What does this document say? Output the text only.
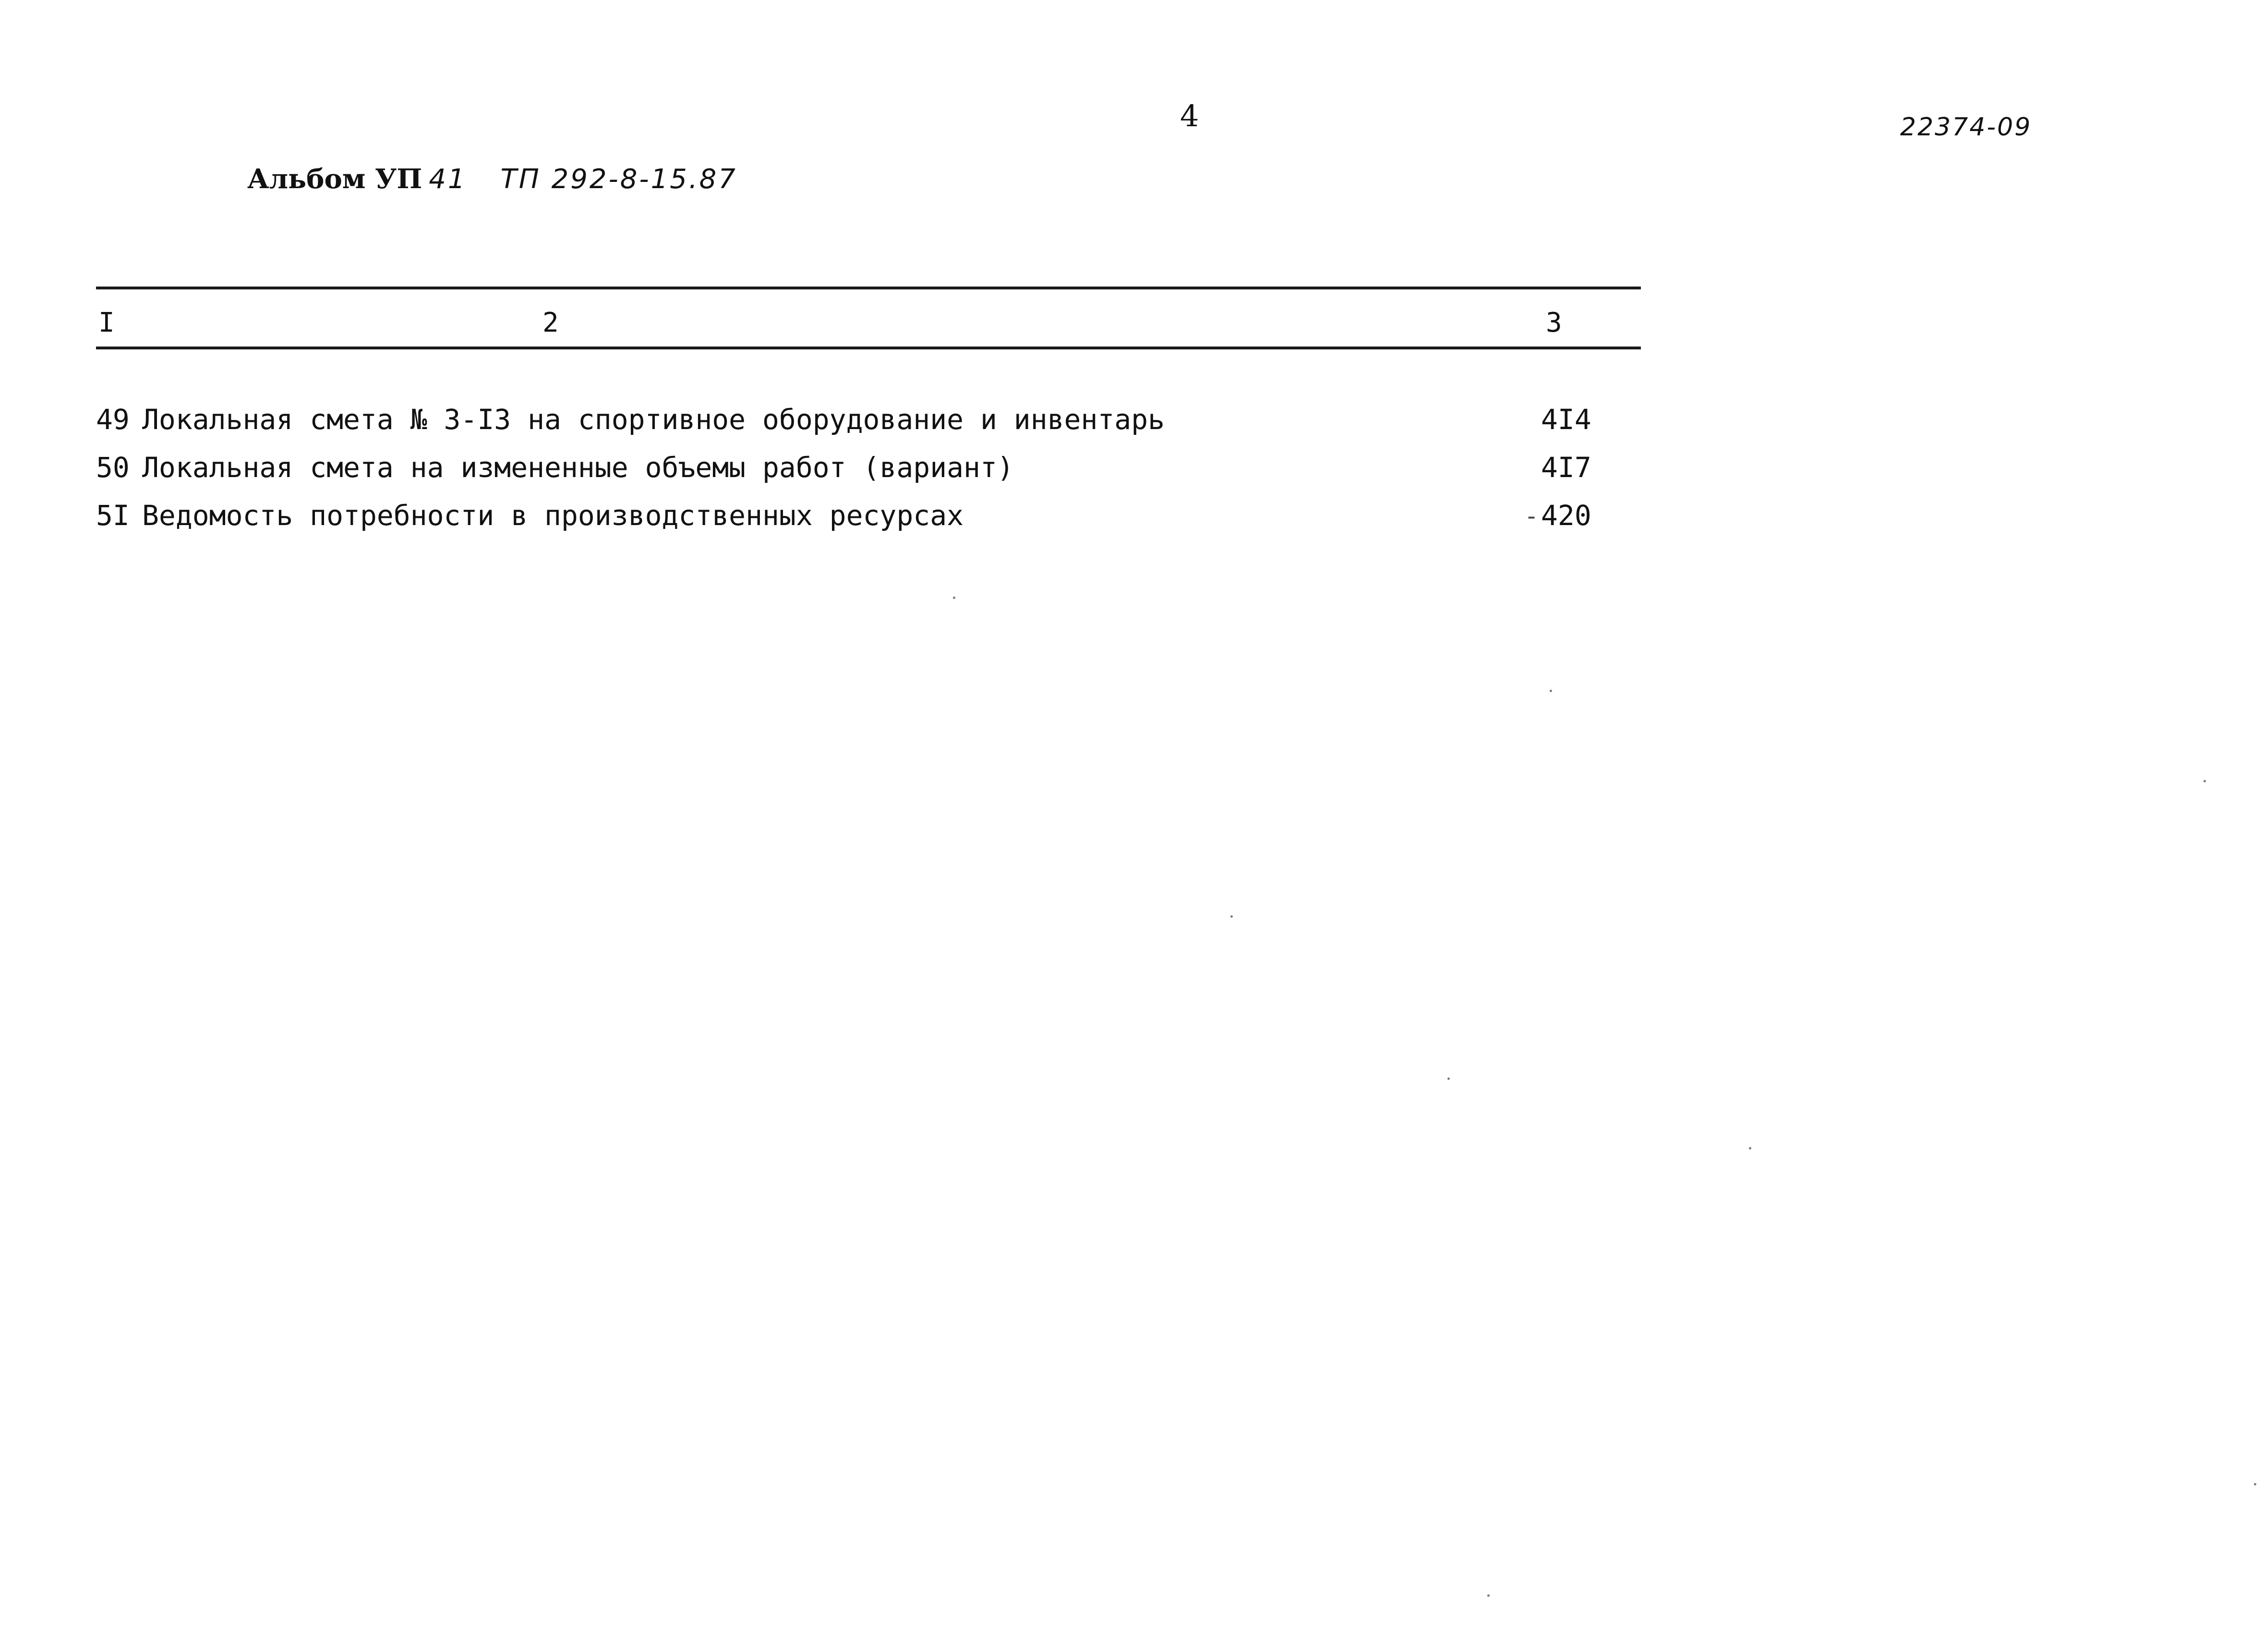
4	22374-09
Альбом УП 41 ТП 292-8-15.87
I	2	3
49 Локальная смета № 3-I3 на спортивное оборудование и инвентарь	4I4
50 Локальная смета на измененные объемы работ (вариант)	4I7
5I Ведомость потребности в производственных ресурсах	- 420
